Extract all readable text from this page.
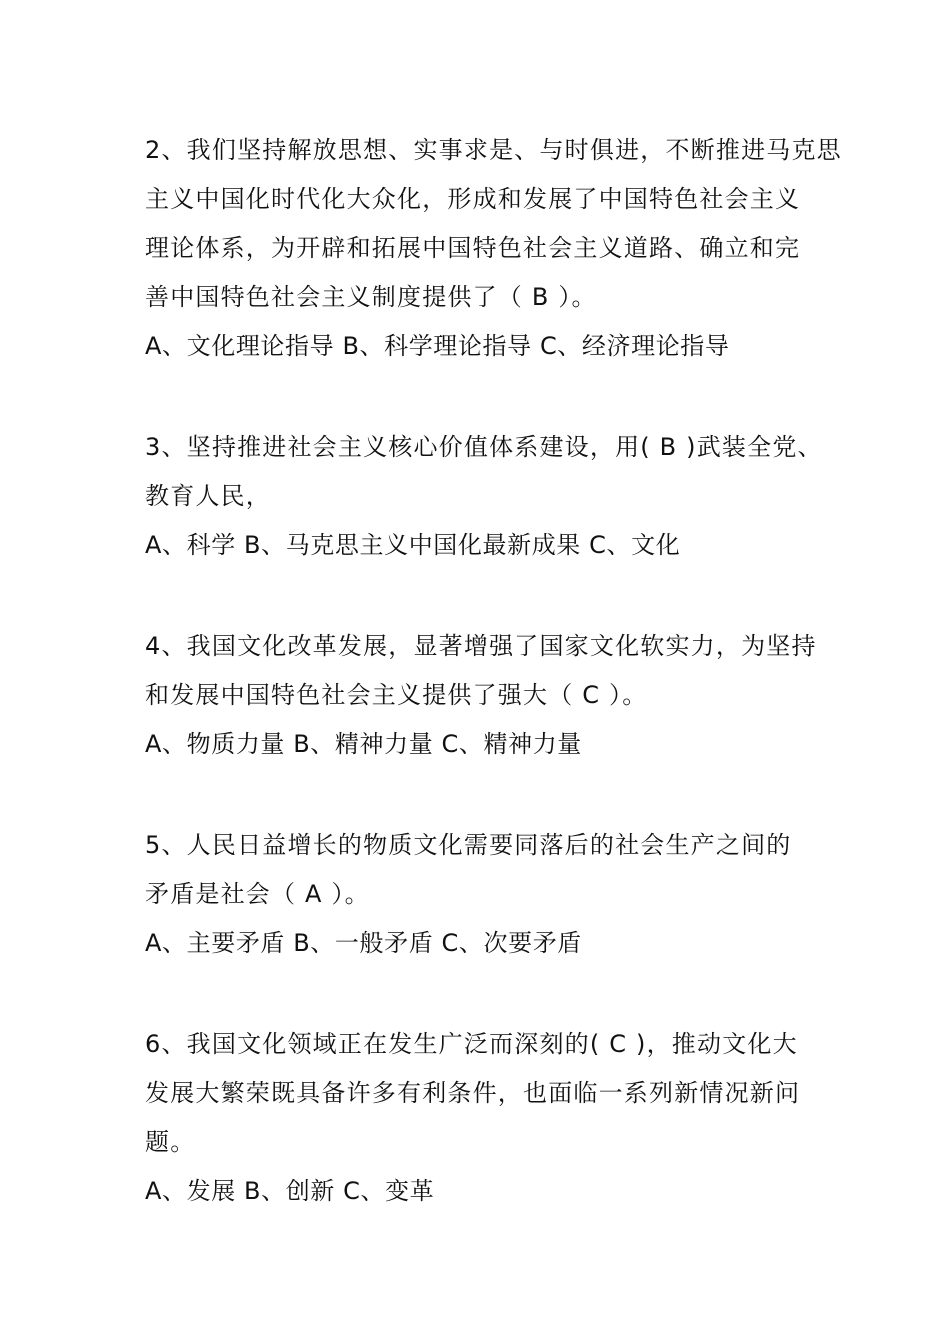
2、我们坚持解放思想、实事求是、与时俱进，不断推进马克思
主义中国化时代化大众化，形成和发展了中国特色社会主义
理论体系，为开辟和拓展中国特色社会主义道路、确立和完
善中国特色社会主义制度提供了（ B ）。
A、文化理论指导 B、科学理论指导 C、经济理论指导
3、坚持推进社会主义核心价值体系建设，用( B )武装全党、
教育人民，
A、科学 B、马克思主义中国化最新成果 C、文化
4、我国文化改革发展，显著增强了国家文化软实力，为坚持
和发展中国特色社会主义提供了强大（ C ）。
A、物质力量 B、精神力量 C、精神力量
5、人民日益增长的物质文化需要同落后的社会生产之间的
矛盾是社会（ A ）。
A、主要矛盾 B、一般矛盾 C、次要矛盾
6、我国文化领域正在发生广泛而深刻的( C )，推动文化大
发展大繁荣既具备许多有利条件，也面临一系列新情况新问
题。
A、发展 B、创新 C、变革
